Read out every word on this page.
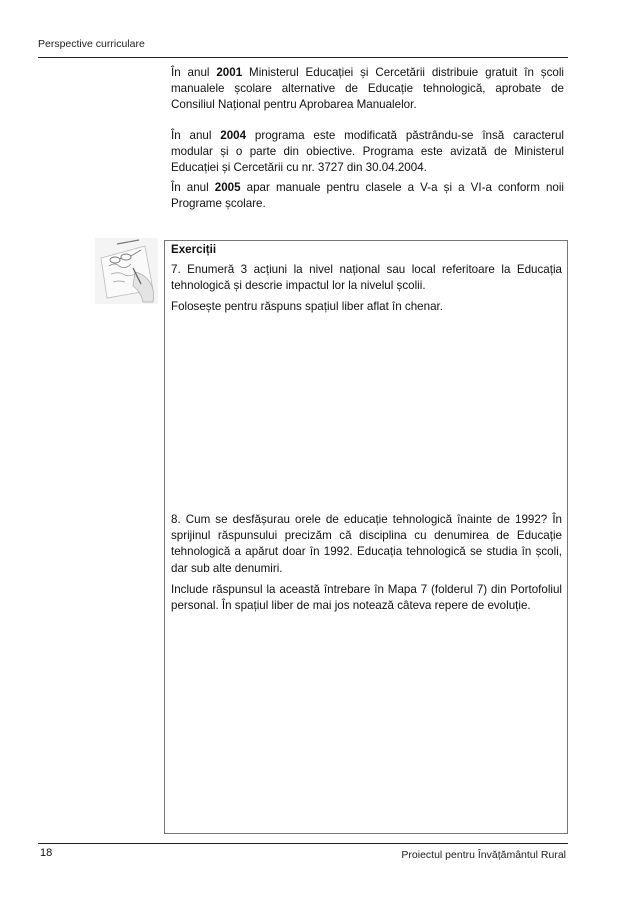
Perspective curriculare

În anul 2001 Ministerul Educației și Cercetării distribuie gratuit în școli manualele școlare alternative de Educație tehnologică, aprobate de Consiliul Național pentru Aprobarea Manualelor.

În anul 2004 programa este modificată păstrându-se însă caracterul modular și o parte din obiective. Programa este avizată de Ministerul Educației și Cercetării cu nr. 3727 din 30.04.2004.

În anul 2005 apar manuale pentru clasele a V-a și a VI-a conform noii Programe școlare.

Exerciții

7. Enumeră 3 acțiuni la nivel național sau local referitoare la Educația tehnologică și descrie impactul lor la nivelul școlii.

Folosește pentru răspuns spațiul liber aflat în chenar.

8. Cum se desfășurau orele de educație tehnologică înainte de 1992? În sprijinul răspunsului precizăm că disciplina cu denumirea de Educație tehnologică a apărut doar în 1992. Educația tehnologică se studia în școli, dar sub alte denumiri.

Include răspunsul la această întrebare în Mapa 7 (folderul 7) din Portofoliul personal. În spațiul liber de mai jos notează câteva repere de evoluție.

18	Proiectul pentru Învățământul Rural
